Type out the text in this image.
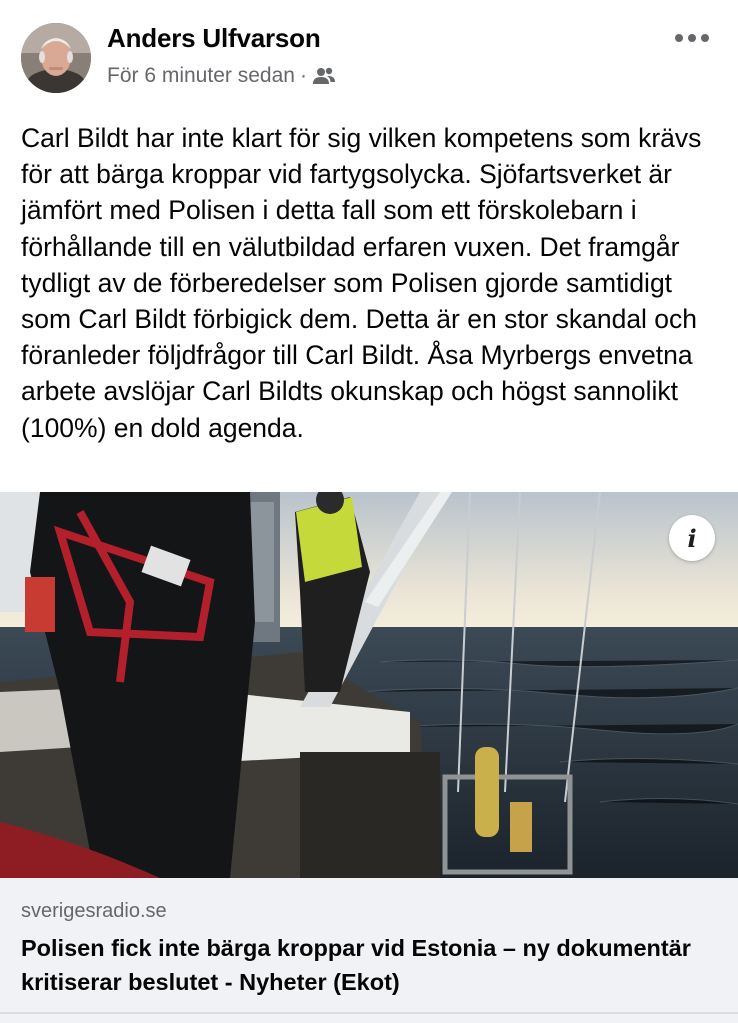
Anders Ulfvarson
För 6 minuter sedan ·
Carl Bildt har inte klart för sig vilken kompetens som krävs för att bärga kroppar vid fartygsolycka. Sjöfartsverket är jämfört med Polisen i detta fall som ett förskolebarn i förhållande till en välutbildad erfaren vuxen. Det framgår tydligt av de förberedelser som Polisen gjorde samtidigt som Carl Bildt förbigick dem. Detta är en stor skandal och föranleder följdfrågor till Carl Bildt. Åsa Myrbergs envetna arbete avslöjar Carl Bildts okunskap och högst sannolikt (100%) en dold agenda.
i
sverigesradio.se
Polisen fick inte bärga kroppar vid Estonia – ny dokumentär kritiserar beslutet - Nyheter (Ekot)
